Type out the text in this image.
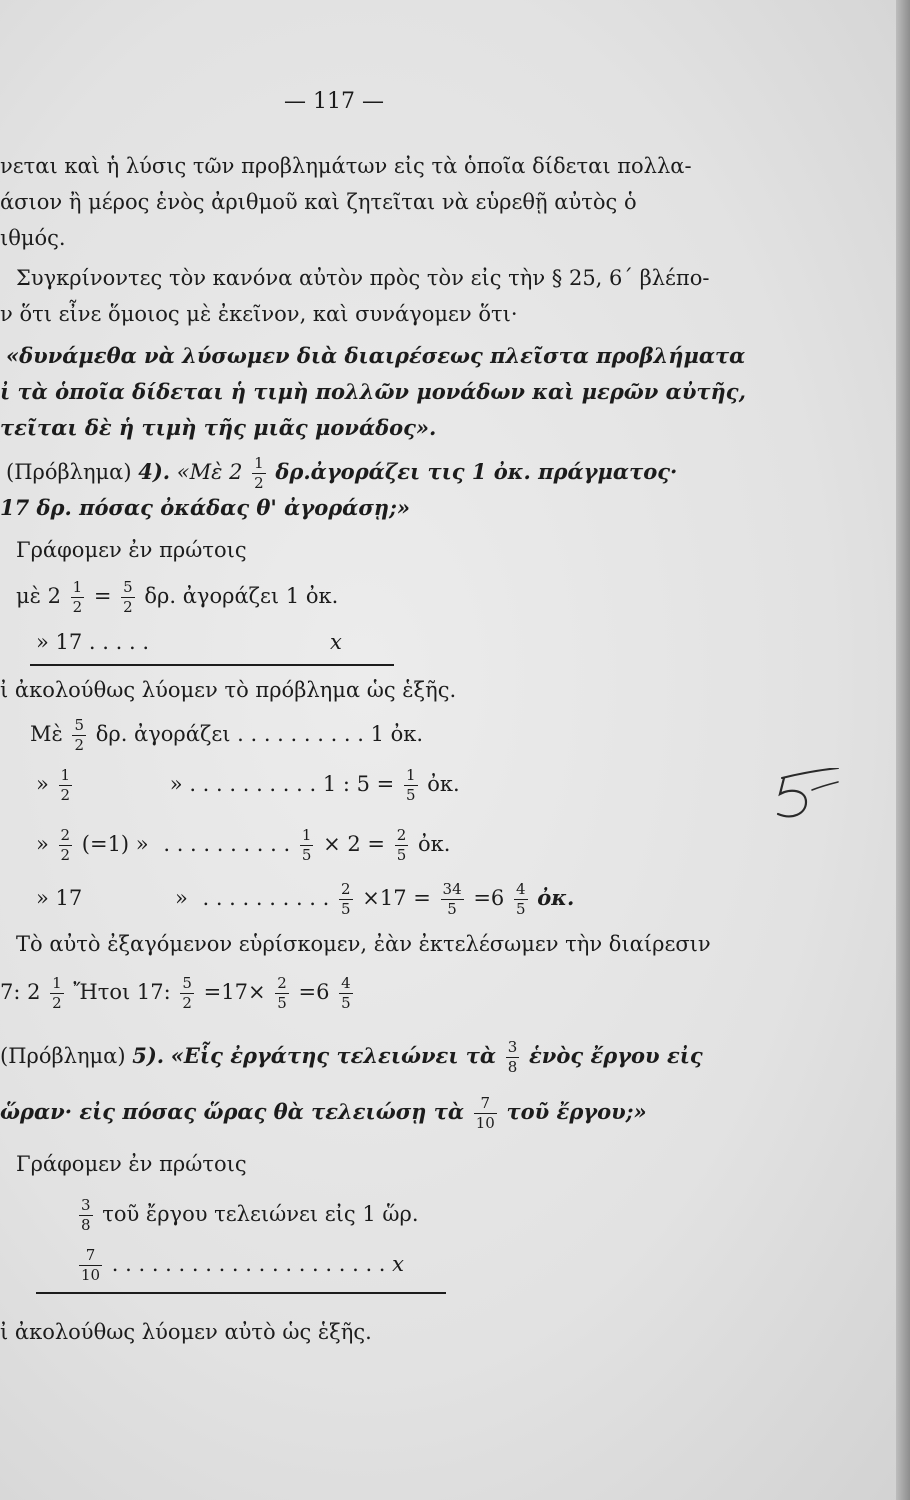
— 117 —
νεται καὶ ἡ λύσις τῶν προβλημάτων εἰς τὰ ὁποῖα δίδεται πολλα-
άσιον ἢ μέρος ἑνὸς ἀριθμοῦ καὶ ζητεῖται νὰ εὑρεθῇ αὐτὸς ὁ
ιθμός.
Συγκρίνοντες τὸν κανόνα αὐτὸν πρὸς τὸν εἰς τὴν § 25, 6΄ βλέπο-
ν ὅτι εἶνε ὅμοιος μὲ ἐκεῖνον, καὶ συνάγομεν ὅτι·
«δυνάμεθα νὰ λύσωμεν διὰ διαιρέσεως πλεῖστα προβλήματα
ἰ τὰ ὁποῖα δίδεται ἡ τιμὴ πολλῶν μονάδων καὶ μερῶν αὐτῆς,
τεῖται δὲ ἡ τιμὴ τῆς μιᾶς μονάδος».
(Πρόβλημα) 4). «Μὲ $2 \frac{1}{2}$ δρ.ἀγοράζει τις 1 ὀκ. πράγματος·
17 δρ. πόσας ὀκάδας θ' ἀγοράσῃ;»
Γράφομεν ἐν πρώτοις
μὲ $2 \frac{1}{2} = \frac{5}{2} \delta\rho$. ἀγοράζει 1 ὀκ.
» 17 . . . . .	x
ἰ ἀκολούθως λύομεν τὸ πρόβλημα ὡς ἑξῆς.
Μὲ $\frac{5}{2} \delta\rho$. ἀγοράζει . . . . . . . . . . 1 ὀκ.
» $\frac{1}{2}$	» . . . . . . . . . . 1 : $5 = \frac{1}{5}$ ὀκ.
» $\frac{2}{2} (=1)$ » . . . . . . . . . . $\frac{1}{5} \times 2 = \frac{2}{5}$ ὀκ.
» 17	» . . . . . . . . . . $\frac{2}{5} \times 17 = \frac{34}{5} =6 \frac{4}{5}$ ὀκ.
Τὸ αὐτὸ ἐξαγόμενον εὑρίσκομεν, ἐὰν ἐκτελέσωμεν τὴν διαίρεσιν
7: $2 \frac{1}{2}$ Ἤτοι 17: $\frac{5}{2} =17\times \frac{2}{5} =6 \frac{4}{5}$
(Πρόβλημα) 5). «Εἷς ἐργάτης τελειώνει τὰ $\frac{3}{8}$ ἑνὸς ἔργου εἰς
ὥραν· εἰς πόσας ὥρας θὰ τελειώσῃ τὰ $\frac{7}{10}$ τοῦ ἔργου;»
Γράφομεν ἐν πρώτοις
$\frac{3}{8}$ τοῦ ἔργου τελειώνει εἰς 1 ὥρ.
$\frac{7}{10}$ . . . . . . . . . . . . . . . . . . . . . x
ἰ ἀκολούθως λύομεν αὐτὸ ὡς ἑξῆς.
